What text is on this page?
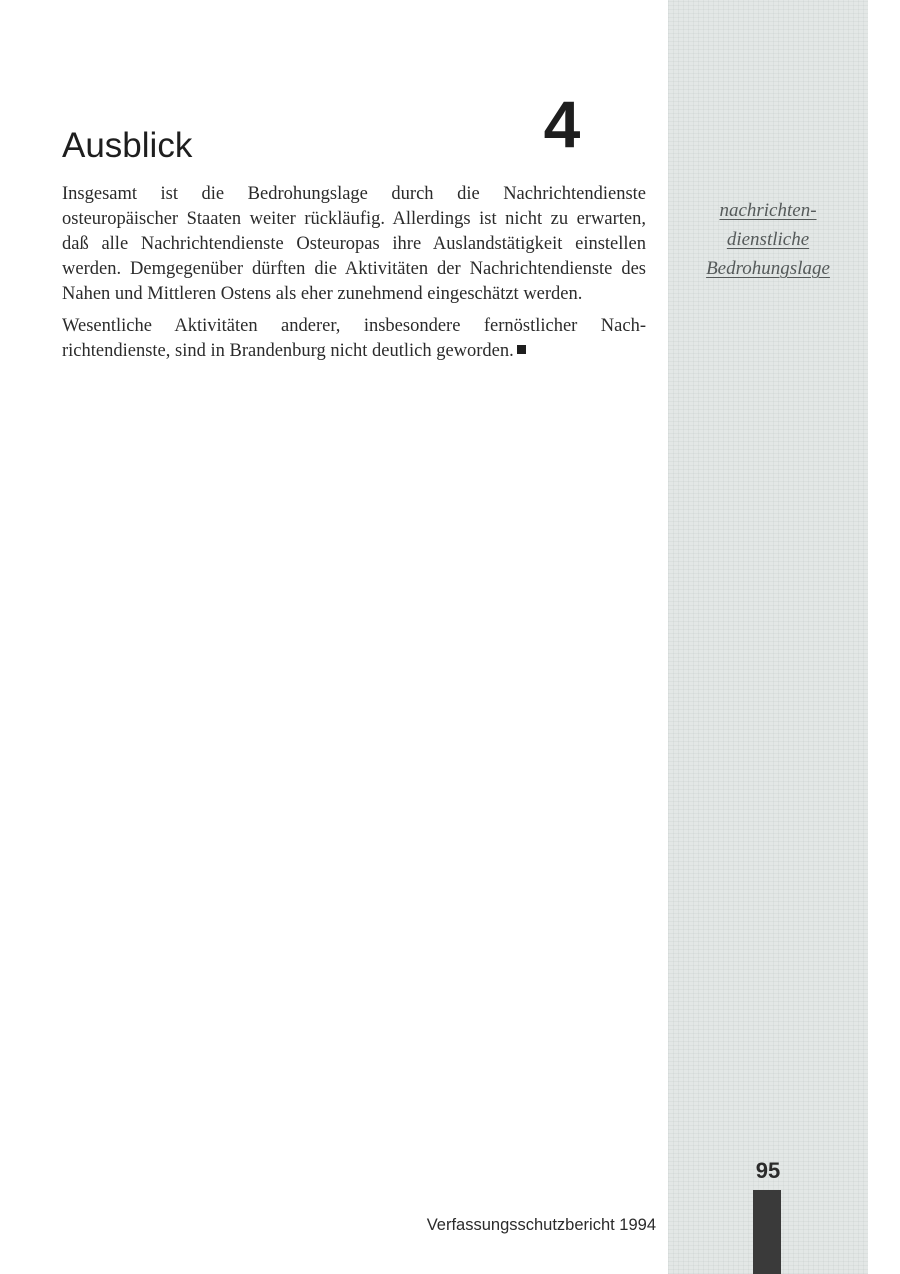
nachrichten-
dienstliche
Bedrohungslage
Ausblick	4

Insgesamt ist die Bedrohungslage durch die Nachrichtendienste osteuropäischer Staaten weiter rückläufig. Allerdings ist nicht zu erwarten, daß alle Nachrichtendienste Osteuropas ihre Auslandstätigkeit einstellen werden. Demgegenüber dürften die Aktivitäten der Nachrichtendienste des Nahen und Mittleren Ostens als eher zunehmend eingeschätzt werden.

Wesentliche Aktivitäten anderer, insbesondere fernöstlicher Nachrichtendienste, sind in Brandenburg nicht deutlich geworden.

Verfassungsschutzbericht 1994
95
